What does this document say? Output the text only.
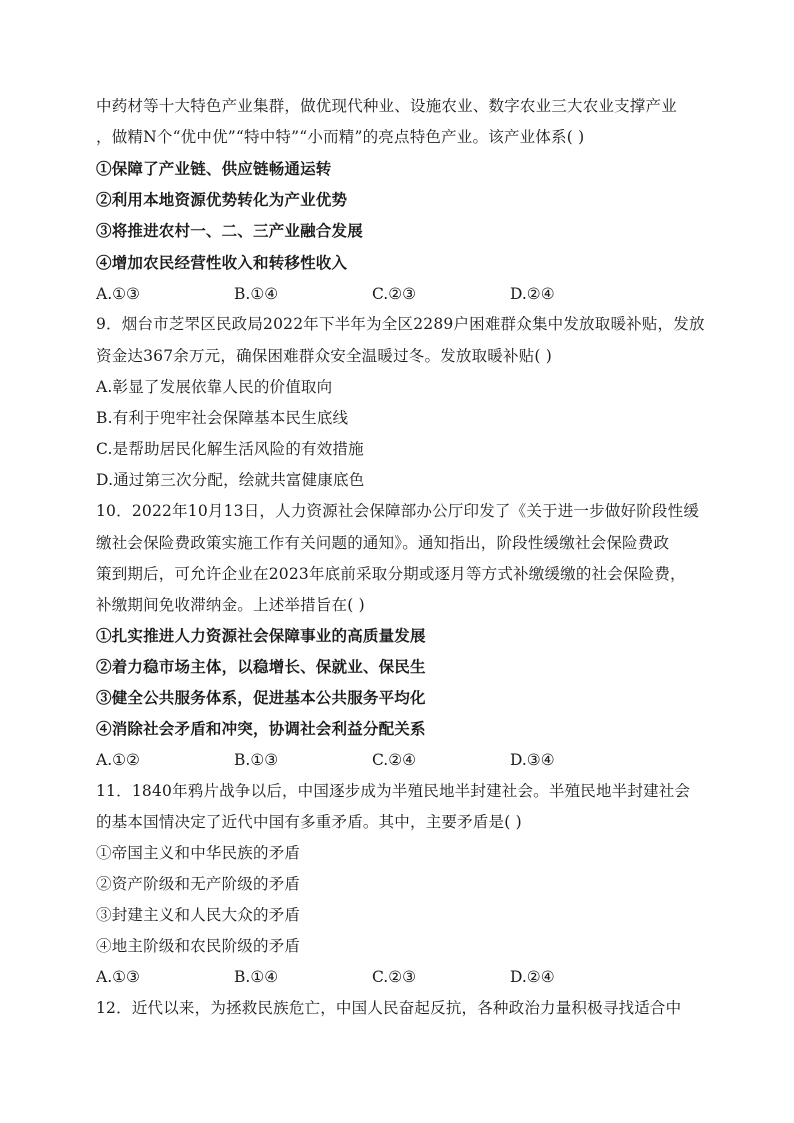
中药材等十大特色产业集群，做优现代种业、设施农业、数字农业三大农业支撑产业
，做精N个“优中优”“特中特”“小而精”的亮点特色产业。该产业体系( )
①保障了产业链、供应链畅通运转
②利用本地资源优势转化为产业优势
③将推进农村一、二、三产业融合发展
④增加农民经营性收入和转移性收入
A.①③	B.①④	C.②③	D.②④
9．烟台市芝罘区民政局2022年下半年为全区2289户困难群众集中发放取暖补贴，发放
资金达367余万元，确保困难群众安全温暖过冬。发放取暖补贴( )
A.彰显了发展依靠人民的价值取向
B.有利于兜牢社会保障基本民生底线
C.是帮助居民化解生活风险的有效措施
D.通过第三次分配，绘就共富健康底色
10．2022年10月13日，人力资源社会保障部办公厅印发了《关于进一步做好阶段性缓
缴社会保险费政策实施工作有关问题的通知》。通知指出，阶段性缓缴社会保险费政
策到期后，可允许企业在2023年底前采取分期或逐月等方式补缴缓缴的社会保险费，
补缴期间免收滞纳金。上述举措旨在( )
①扎实推进人力资源社会保障事业的高质量发展
②着力稳市场主体，以稳增长、保就业、保民生
③健全公共服务体系，促进基本公共服务平均化
④消除社会矛盾和冲突，协调社会利益分配关系
A.①②	B.①③	C.②④	D.③④
11．1840年鸦片战争以后，中国逐步成为半殖民地半封建社会。半殖民地半封建社会
的基本国情决定了近代中国有多重矛盾。其中，主要矛盾是( )
①帝国主义和中华民族的矛盾
②资产阶级和无产阶级的矛盾
③封建主义和人民大众的矛盾
④地主阶级和农民阶级的矛盾
A.①③	B.①④	C.②③	D.②④
12．近代以来，为拯救民族危亡，中国人民奋起反抗，各种政治力量积极寻找适合中
